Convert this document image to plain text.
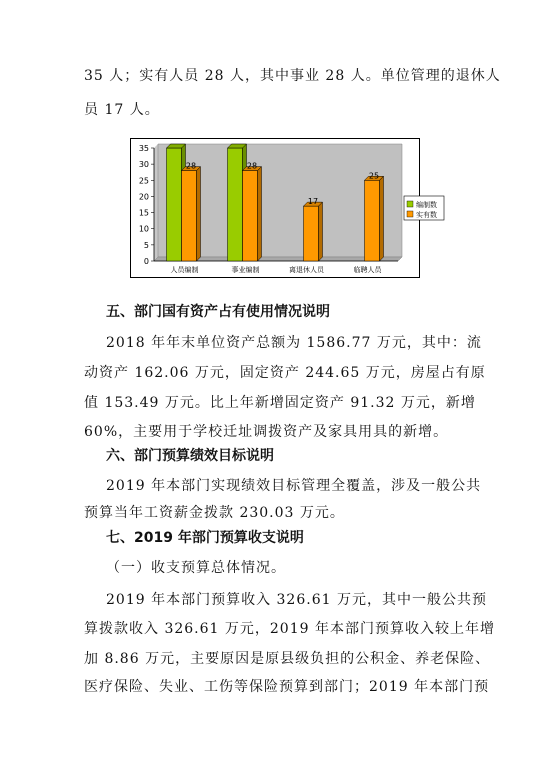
35 人；实有人员 28 人，其中事业 28 人。单位管理的退休人
员 17 人。
0
5
10
15
20
25
30
35
人员编制
28
事业编制
28
离退休人员
17
临聘人员
25
编制数
实有数
五、部门国有资产占有使用情况说明
2018 年年末单位资产总额为 1586.77 万元，其中：流
动资产 162.06 万元，固定资产 244.65 万元，房屋占有原
值 153.49 万元。比上年新增固定资产 91.32 万元，新增
60%，主要用于学校迁址调拨资产及家具用具的新增。
六、部门预算绩效目标说明
2019 年本部门实现绩效目标管理全覆盖，涉及一般公共
预算当年工资薪金拨款 230.03 万元。
七、2019 年部门预算收支说明
（一）收支预算总体情况。
2019 年本部门预算收入 326.61 万元，其中一般公共预
算拨款收入 326.61 万元，2019 年本部门预算收入较上年增
加 8.86 万元，主要原因是原县级负担的公积金、养老保险、
医疗保险、失业、工伤等保险预算到部门；2019 年本部门预
